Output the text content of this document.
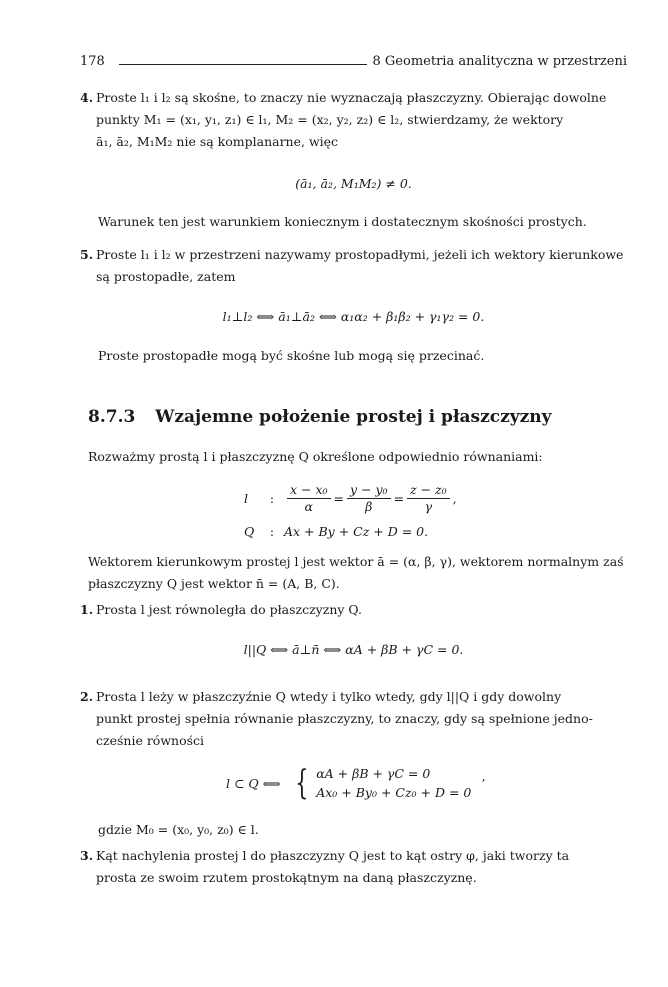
178	8 Geometria analityczna w przestrzeni
4. Proste l₁ i l₂ są skośne, to znaczy nie wyznaczają płaszczyzny. Obierając dowolne
punkty M₁ = (x₁, y₁, z₁) ∈ l₁, M₂ = (x₂, y₂, z₂) ∈ l₂, stwierdzamy, że wektory
ā₁, ā₂, M₁M₂ nie są komplanarne, więc
(ā₁, ā₂, M₁M₂) ≠ 0.
Warunek ten jest warunkiem koniecznym i dostatecznym skośności prostych.
5. Proste l₁ i l₂ w przestrzeni nazywamy prostopadłymi, jeżeli ich wektory kierunkowe
są prostopadłe, zatem
l₁⊥l₂ ⟺ ā₁⊥ā₂ ⟺ α₁α₂ + β₁β₂ + γ₁γ₂ = 0.
Proste prostopadłe mogą być skośne lub mogą się przecinać.
8.7.3 Wzajemne położenie prostej i płaszczyzny
Rozważmy prostą l i płaszczyznę Q określone odpowiednio równaniami:
l	:	$\frac{\text{x − x₀}}{\alpha} = \frac{\text{y − y₀}}{\beta} = \frac{\text{z − z₀}}{\gamma}$ ,
Q	: Ax + By + Cz + D = 0.
Wektorem kierunkowym prostej l jest wektor ā = (α, β, γ), wektorem normalnym zaś
płaszczyzny Q jest wektor n̄ = (A, B, C).
1. Prosta l jest równoległa do płaszczyzny Q.
l||Q ⟺ ā⊥n̄ ⟺ αA + βB + γC = 0.
2. Prosta l leży w płaszczyźnie Q wtedy i tylko wtedy, gdy l||Q i gdy dowolny
punkt prostej spełnia równanie płaszczyzny, to znaczy, gdy są spełnione jedno-
cześnie równości
l ⊂ Q ⟺ { αA + βB + γC = 0
Ax₀ + By₀ + Cz₀ + D = 0
’
gdzie M₀ = (x₀, y₀, z₀) ∈ l.
3. Kąt nachylenia prostej l do płaszczyzny Q jest to kąt ostry φ, jaki tworzy ta
prosta ze swoim rzutem prostokątnym na daną płaszczyznę.
